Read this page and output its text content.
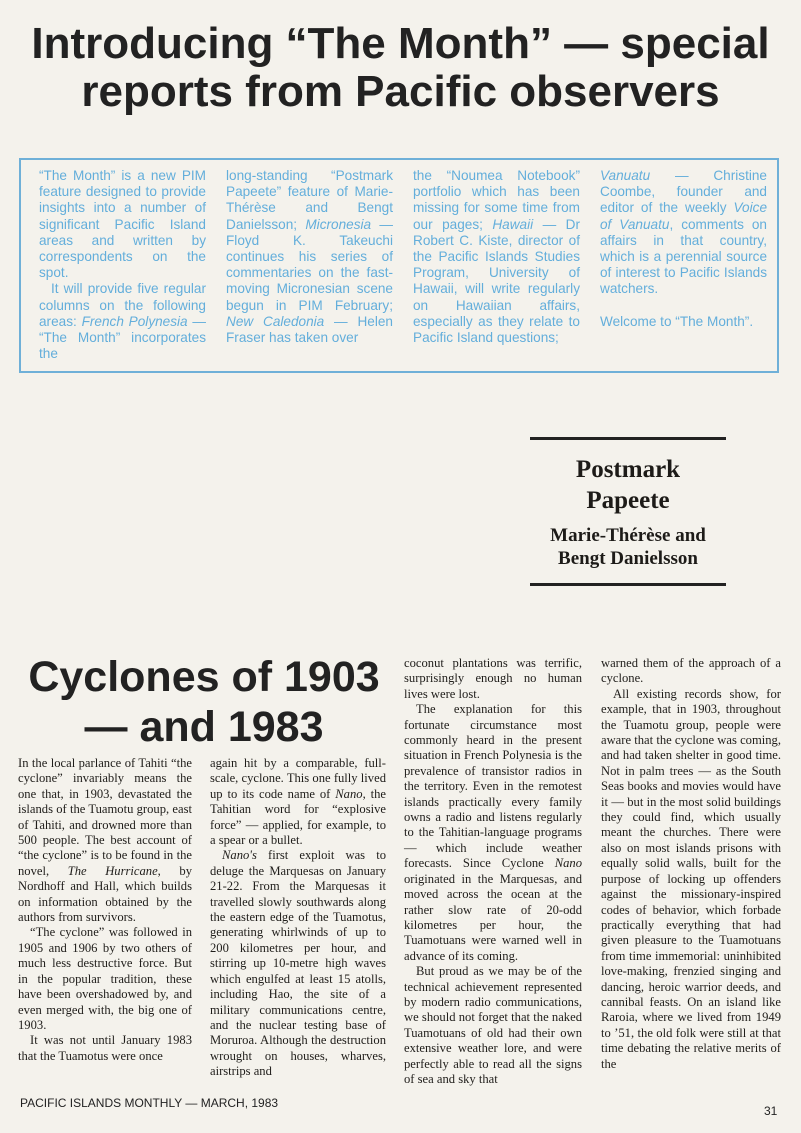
Introducing “The Month” — special
reports from Pacific observers

“The Month” is a new PIM feature designed to provide insights into a number of significant Pacific Island areas and written by correspondents on the spot.

It will provide five regular columns on the following areas: French Polynesia — “The Month” incorporates the

long-standing “Postmark Papeete” feature of Marie-Thérèse and Bengt Danielsson; Micronesia — Floyd K. Takeuchi continues his series of commentaries on the fast-moving Micronesian scene begun in PIM February; New Caledonia — Helen Fraser has taken over

the “Noumea Notebook” portfolio which has been missing for some time from our pages; Hawaii — Dr Robert C. Kiste, director of the Pacific Islands Studies Program, University of Hawaii, will write regularly on Hawaiian affairs, especially as they relate to Pacific Island questions;

Vanuatu — Christine Coombe, founder and editor of the weekly Voice of Vanuatu, comments on affairs in that country, which is a perennial source of interest to Pacific Islands watchers.

Welcome to “The Month”.

Postmark
Papeete
Marie-Thérèse and
Bengt Danielsson
Cyclones of 1903
— and 1983

In the local parlance of Tahiti “the cyclone” invariably means the one that, in 1903, devastated the islands of the Tuamotu group, east of Tahiti, and drowned more than 500 people. The best account of “the cyclone” is to be found in the novel, The Hurricane, by Nordhoff and Hall, which builds on information obtained by the authors from survivors.

“The cyclone” was followed in 1905 and 1906 by two others of much less destructive force. But in the popular tradition, these have been overshadowed by, and even merged with, the big one of 1903.

It was not until January 1983 that the Tuamotus were once

again hit by a comparable, full-scale, cyclone. This one fully lived up to its code name of Nano, the Tahitian word for “explosive force” — applied, for example, to a spear or a bullet.

Nano's first exploit was to deluge the Marquesas on January 21-22. From the Marquesas it travelled slowly southwards along the eastern edge of the Tuamotus, generating whirlwinds of up to 200 kilometres per hour, and stirring up 10-metre high waves which engulfed at least 15 atolls, including Hao, the site of a military communications centre, and the nuclear testing base of Moruroa. Although the destruction wrought on houses, wharves, airstrips and

coconut plantations was terrific, surprisingly enough no human lives were lost.

The explanation for this fortunate circumstance most commonly heard in the present situation in French Polynesia is the prevalence of transistor radios in the territory. Even in the remotest islands practically every family owns a radio and listens regularly to the Tahitian-language programs — which include weather forecasts. Since Cyclone Nano originated in the Marquesas, and moved across the ocean at the rather slow rate of 20-odd kilometres per hour, the Tuamotuans were warned well in advance of its coming.

But proud as we may be of the technical achievement represented by modern radio communications, we should not forget that the naked Tuamotuans of old had their own extensive weather lore, and were perfectly able to read all the signs of sea and sky that

warned them of the approach of a cyclone.

All existing records show, for example, that in 1903, throughout the Tuamotu group, people were aware that the cyclone was coming, and had taken shelter in good time. Not in palm trees — as the South Seas books and movies would have it — but in the most solid buildings they could find, which usually meant the churches. There were also on most islands prisons with equally solid walls, built for the purpose of locking up offenders against the missionary-inspired codes of behavior, which forbade practically everything that had given pleasure to the Tuamotuans from time immemorial: uninhibited love-making, frenzied singing and dancing, heroic warrior deeds, and cannibal feasts. On an island like Raroia, where we lived from 1949 to ’51, the old folk were still at that time debating the relative merits of the

PACIFIC ISLANDS MONTHLY — MARCH, 1983
31
